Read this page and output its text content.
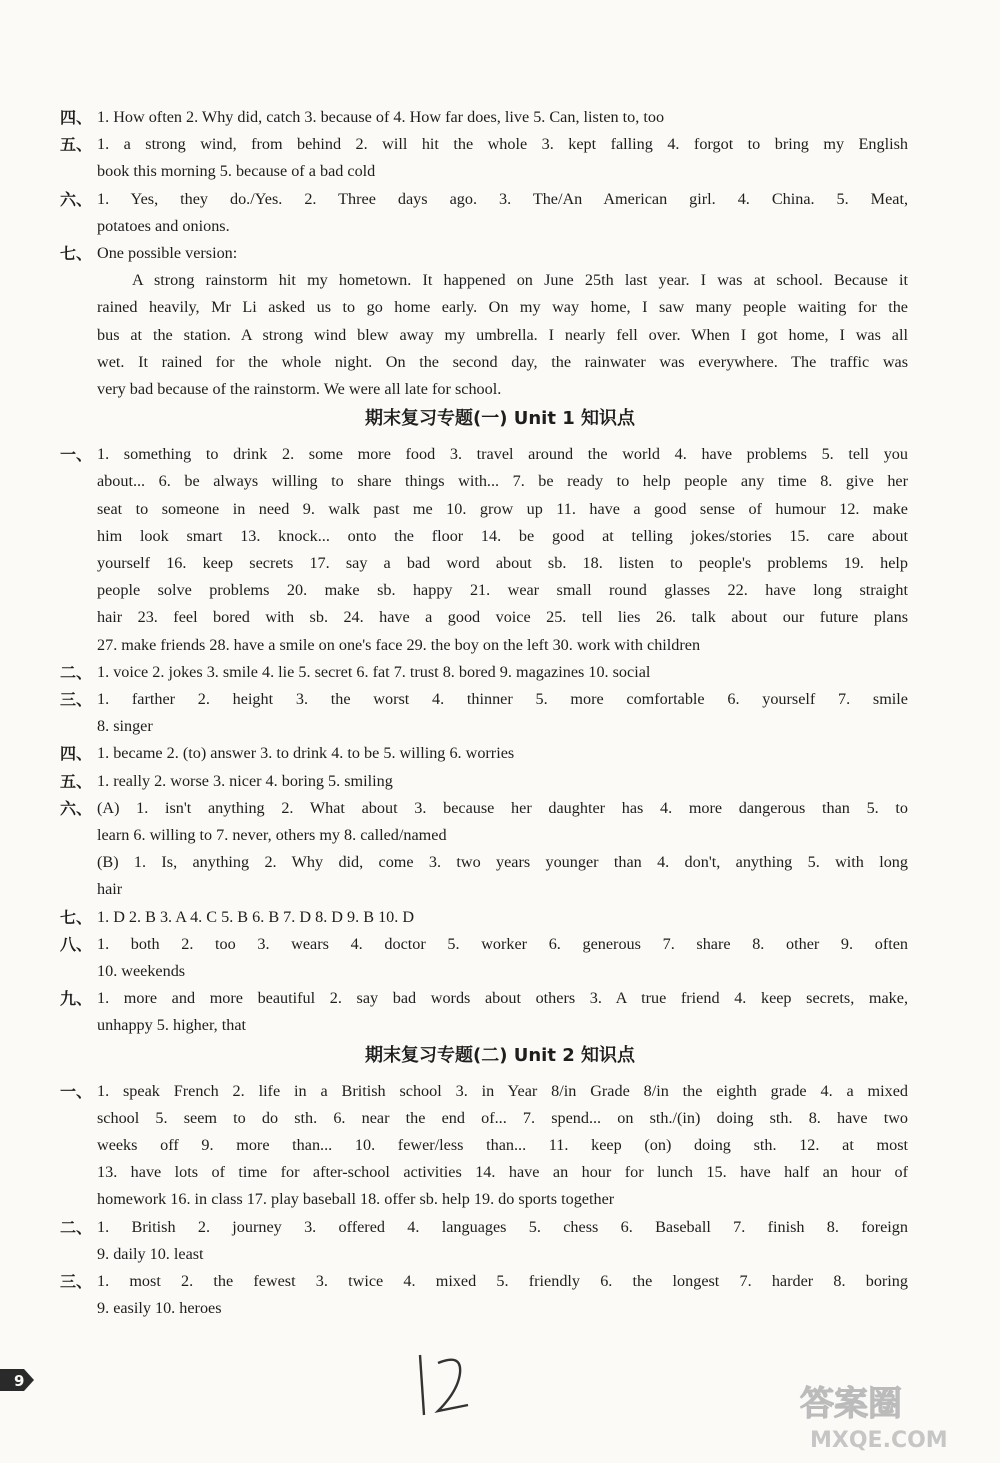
四、 1. How often 2. Why did, catch 3. because of 4. How far does, live 5. Can, listen to, too
五、 1. a strong wind, from behind 2. will hit the whole 3. kept falling 4. forgot to bring my English
book this morning 5. because of a bad cold
六、 1. Yes, they do./Yes. 2. Three days ago. 3. The/An American girl. 4. China. 5. Meat,
potatoes and onions.
七、 One possible version:
A strong rainstorm hit my hometown. It happened on June 25th last year. I was at school. Because it
rained heavily, Mr Li asked us to go home early. On my way home, I saw many people waiting for the
bus at the station. A strong wind blew away my umbrella. I nearly fell over. When I got home, I was all
wet. It rained for the whole night. On the second day, the rainwater was everywhere. The traffic was
very bad because of the rainstorm. We were all late for school.
期末复习专题(一) Unit 1 知识点
一、 1. something to drink 2. some more food 3. travel around the world 4. have problems 5. tell you
about... 6. be always willing to share things with... 7. be ready to help people any time 8. give her
seat to someone in need 9. walk past me 10. grow up 11. have a good sense of humour 12. make
him look smart 13. knock... onto the floor 14. be good at telling jokes/stories 15. care about
yourself 16. keep secrets 17. say a bad word about sb. 18. listen to people's problems 19. help
people solve problems 20. make sb. happy 21. wear small round glasses 22. have long straight
hair 23. feel bored with sb. 24. have a good voice 25. tell lies 26. talk about our future plans
27. make friends 28. have a smile on one's face 29. the boy on the left 30. work with children
二、 1. voice 2. jokes 3. smile 4. lie 5. secret 6. fat 7. trust 8. bored 9. magazines 10. social
三、 1. farther 2. height 3. the worst 4. thinner 5. more comfortable 6. yourself 7. smile
8. singer
四、 1. became 2. (to) answer 3. to drink 4. to be 5. willing 6. worries
五、 1. really 2. worse 3. nicer 4. boring 5. smiling
六、 (A) 1. isn't anything 2. What about 3. because her daughter has 4. more dangerous than 5. to
learn 6. willing to 7. never, others my 8. called/named
(B) 1. Is, anything 2. Why did, come 3. two years younger than 4. don't, anything 5. with long
hair
七、 1. D 2. B 3. A 4. C 5. B 6. B 7. D 8. D 9. B 10. D
八、 1. both 2. too 3. wears 4. doctor 5. worker 6. generous 7. share 8. other 9. often
10. weekends
九、 1. more and more beautiful 2. say bad words about others 3. A true friend 4. keep secrets, make,
unhappy 5. higher, that
期末复习专题(二) Unit 2 知识点
一、 1. speak French 2. life in a British school 3. in Year 8/in Grade 8/in the eighth grade 4. a mixed
school 5. seem to do sth. 6. near the end of... 7. spend... on sth./(in) doing sth. 8. have two
weeks off 9. more than... 10. fewer/less than... 11. keep (on) doing sth. 12. at most
13. have lots of time for after-school activities 14. have an hour for lunch 15. have half an hour of
homework 16. in class 17. play baseball 18. offer sb. help 19. do sports together
二、 1. British 2. journey 3. offered 4. languages 5. chess 6. Baseball 7. finish 8. foreign
9. daily 10. least
三、 1. most 2. the fewest 3. twice 4. mixed 5. friendly 6. the longest 7. harder 8. boring
9. easily 10. heroes
9
答案圈
MXQE.COM
